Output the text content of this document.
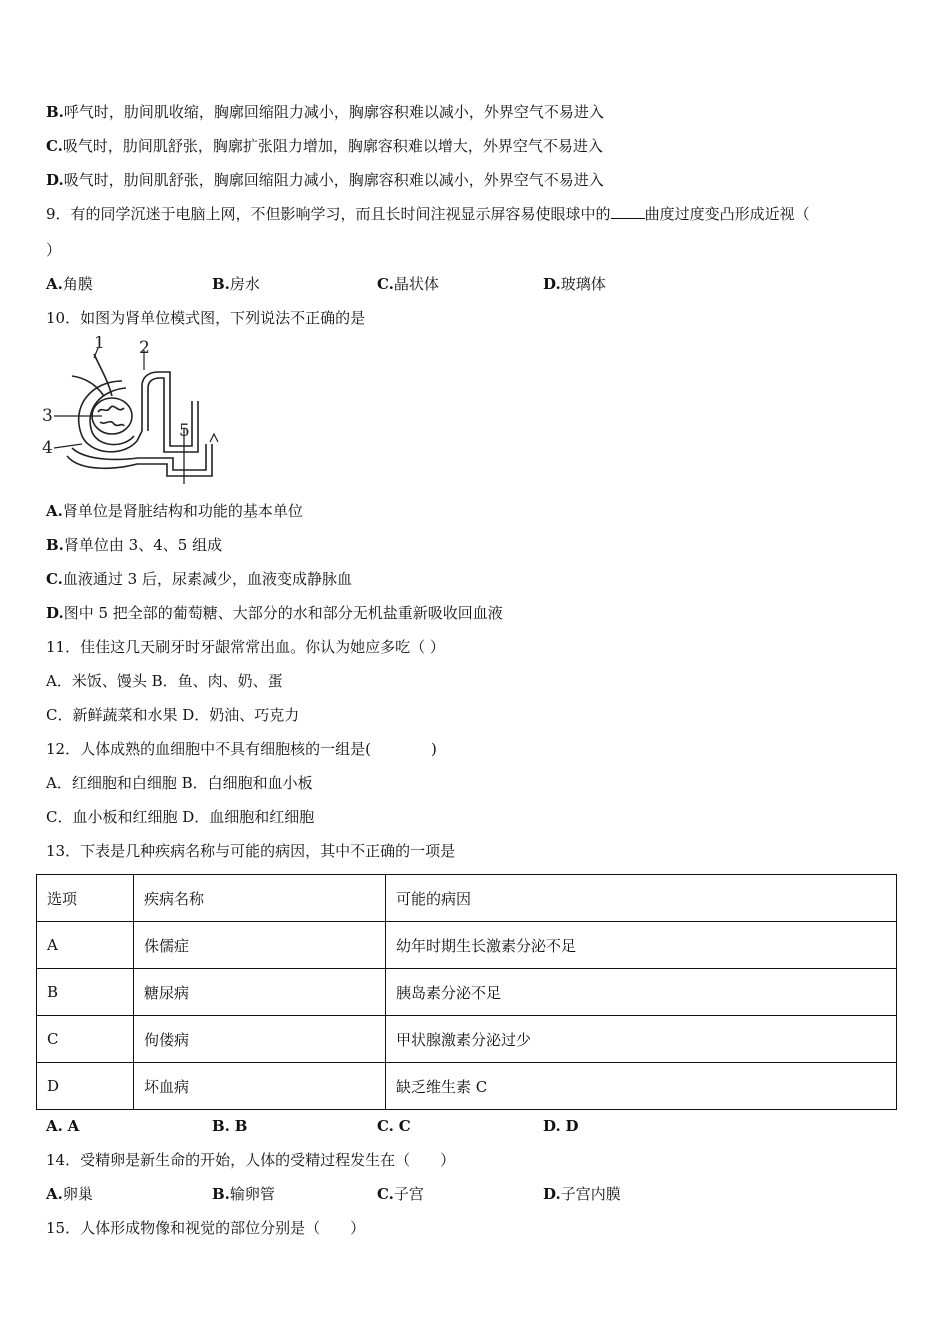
B.呼气时，肋间肌收缩，胸廓回缩阻力减小，胸廓容积难以减小，外界空气不易进入
C.吸气时，肋间肌舒张，胸廓扩张阻力增加，胸廓容积难以增大，外界空气不易进入
D.吸气时，肋间肌舒张，胸廓回缩阻力减小，胸廓容积难以减小，外界空气不易进入
9．有的同学沉迷于电脑上网，不但影响学习，而且长时间注视显示屏容易使眼球中的 曲度过度变凸形成近视（
）
A.角膜	B.房水	C.晶状体	D.玻璃体
10．如图为肾单位模式图，下列说法不正确的是
1 2
3
4
5
A.肾单位是肾脏结构和功能的基本单位
B.肾单位由 3、4、5 组成
C.血液通过 3 后，尿素减少，血液变成静脉血
D.图中 5 把全部的葡萄糖、大部分的水和部分无机盐重新吸收回血液
11．佳佳这几天刷牙时牙龈常常出血。你认为她应多吃（ ）
A．米饭、馒头 B．鱼、肉、奶、蛋
C．新鲜蔬菜和水果 D．奶油、巧克力
12．人体成熟的血细胞中不具有细胞核的一组是(　　　　)
A．红细胞和白细胞 B．白细胞和血小板
C．血小板和红细胞 D．血细胞和红细胞
13．下表是几种疾病名称与可能的病因，其中不正确的一项是
选项	疾病名称	可能的病因
A	侏儒症	幼年时期生长激素分泌不足
B	糖尿病	胰岛素分泌不足
C	佝偻病	甲状腺激素分泌过少
D	坏血病	缺乏维生素 C
A. A	B. B	C. C	D. D
14．受精卵是新生命的开始，人体的受精过程发生在（　　）
A.卵巢	B.输卵管	C.子宫	D.子宫内膜
15．人体形成物像和视觉的部位分别是（　　）
